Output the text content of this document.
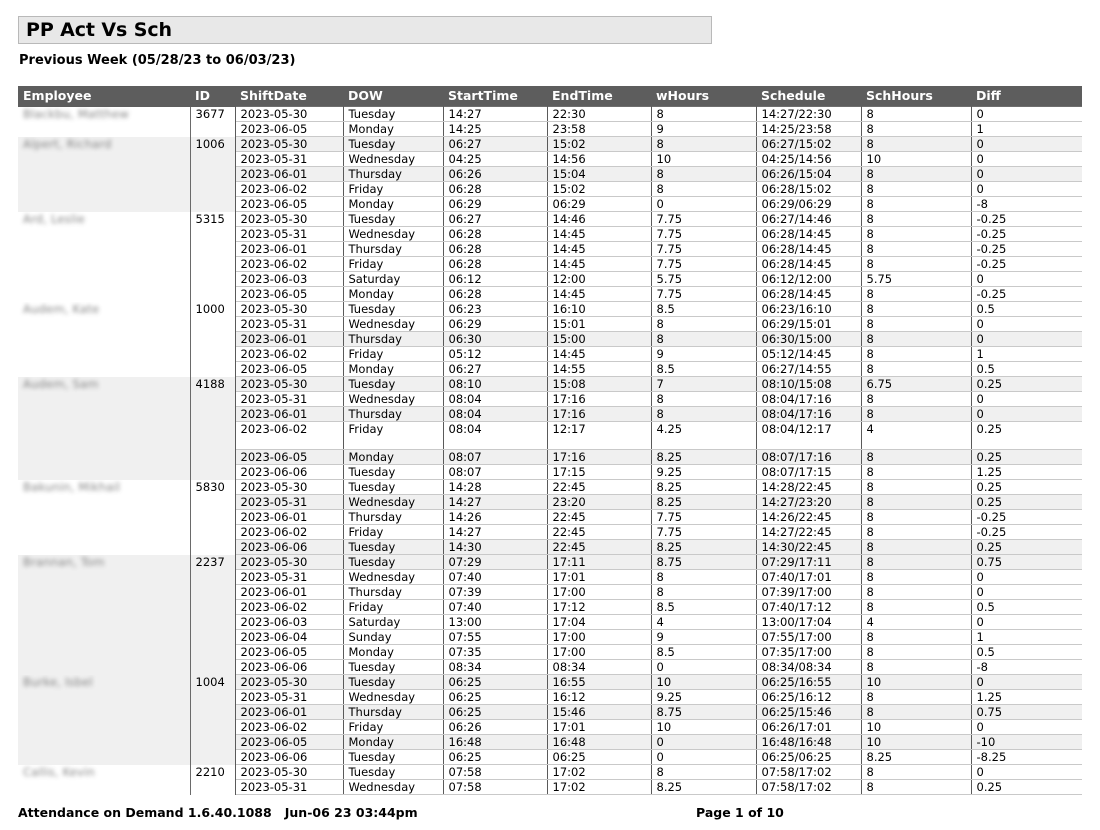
PP Act Vs Sch
Previous Week (05/28/23 to 06/03/23)
Employee	ID	ShiftDate	DOW	StartTime	EndTime	wHours	Schedule	SchHours	Diff
Blackbu, Matthew	3677	2023-05-30	Tuesday	14:27	22:30	8	14:27/22:30	8	0
		2023-06-05	Monday	14:25	23:58	9	14:25/23:58	8	1
Alpert, Richard	1006	2023-05-30	Tuesday	06:27	15:02	8	06:27/15:02	8	0
		2023-05-31	Wednesday	04:25	14:56	10	04:25/14:56	10	0
		2023-06-01	Thursday	06:26	15:04	8	06:26/15:04	8	0
		2023-06-02	Friday	06:28	15:02	8	06:28/15:02	8	0
		2023-06-05	Monday	06:29	06:29	0	06:29/06:29	8	-8
Ard, Leslie	5315	2023-05-30	Tuesday	06:27	14:46	7.75	06:27/14:46	8	-0.25
		2023-05-31	Wednesday	06:28	14:45	7.75	06:28/14:45	8	-0.25
		2023-06-01	Thursday	06:28	14:45	7.75	06:28/14:45	8	-0.25
		2023-06-02	Friday	06:28	14:45	7.75	06:28/14:45	8	-0.25
		2023-06-03	Saturday	06:12	12:00	5.75	06:12/12:00	5.75	0
		2023-06-05	Monday	06:28	14:45	7.75	06:28/14:45	8	-0.25
Audem, Kate	1000	2023-05-30	Tuesday	06:23	16:10	8.5	06:23/16:10	8	0.5
		2023-05-31	Wednesday	06:29	15:01	8	06:29/15:01	8	0
		2023-06-01	Thursday	06:30	15:00	8	06:30/15:00	8	0
		2023-06-02	Friday	05:12	14:45	9	05:12/14:45	8	1
		2023-06-05	Monday	06:27	14:55	8.5	06:27/14:55	8	0.5
Audem, Sam	4188	2023-05-30	Tuesday	08:10	15:08	7	08:10/15:08	6.75	0.25
		2023-05-31	Wednesday	08:04	17:16	8	08:04/17:16	8	0
		2023-06-01	Thursday	08:04	17:16	8	08:04/17:16	8	0
		2023-06-02	Friday	08:04	12:17	4.25	08:04/12:17	4	0.25
		2023-06-05	Monday	08:07	17:16	8.25	08:07/17:16	8	0.25
		2023-06-06	Tuesday	08:07	17:15	9.25	08:07/17:15	8	1.25
Bakunin, Mikhail	5830	2023-05-30	Tuesday	14:28	22:45	8.25	14:28/22:45	8	0.25
		2023-05-31	Wednesday	14:27	23:20	8.25	14:27/23:20	8	0.25
		2023-06-01	Thursday	14:26	22:45	7.75	14:26/22:45	8	-0.25
		2023-06-02	Friday	14:27	22:45	7.75	14:27/22:45	8	-0.25
		2023-06-06	Tuesday	14:30	22:45	8.25	14:30/22:45	8	0.25
Brannan, Tom	2237	2023-05-30	Tuesday	07:29	17:11	8.75	07:29/17:11	8	0.75
		2023-05-31	Wednesday	07:40	17:01	8	07:40/17:01	8	0
		2023-06-01	Thursday	07:39	17:00	8	07:39/17:00	8	0
		2023-06-02	Friday	07:40	17:12	8.5	07:40/17:12	8	0.5
		2023-06-03	Saturday	13:00	17:04	4	13:00/17:04	4	0
		2023-06-04	Sunday	07:55	17:00	9	07:55/17:00	8	1
		2023-06-05	Monday	07:35	17:00	8.5	07:35/17:00	8	0.5
		2023-06-06	Tuesday	08:34	08:34	0	08:34/08:34	8	-8
Burke, Isbel	1004	2023-05-30	Tuesday	06:25	16:55	10	06:25/16:55	10	0
		2023-05-31	Wednesday	06:25	16:12	9.25	06:25/16:12	8	1.25
		2023-06-01	Thursday	06:25	15:46	8.75	06:25/15:46	8	0.75
		2023-06-02	Friday	06:26	17:01	10	06:26/17:01	10	0
		2023-06-05	Monday	16:48	16:48	0	16:48/16:48	10	-10
		2023-06-06	Tuesday	06:25	06:25	0	06:25/06:25	8.25	-8.25
Callis, Kevin	2210	2023-05-30	Tuesday	07:58	17:02	8	07:58/17:02	8	0
		2023-05-31	Wednesday	07:58	17:02	8.25	07:58/17:02	8	0.25
Attendance on Demand 1.6.40.1088   Jun-06 23 03:44pm	Page 1 of 10
